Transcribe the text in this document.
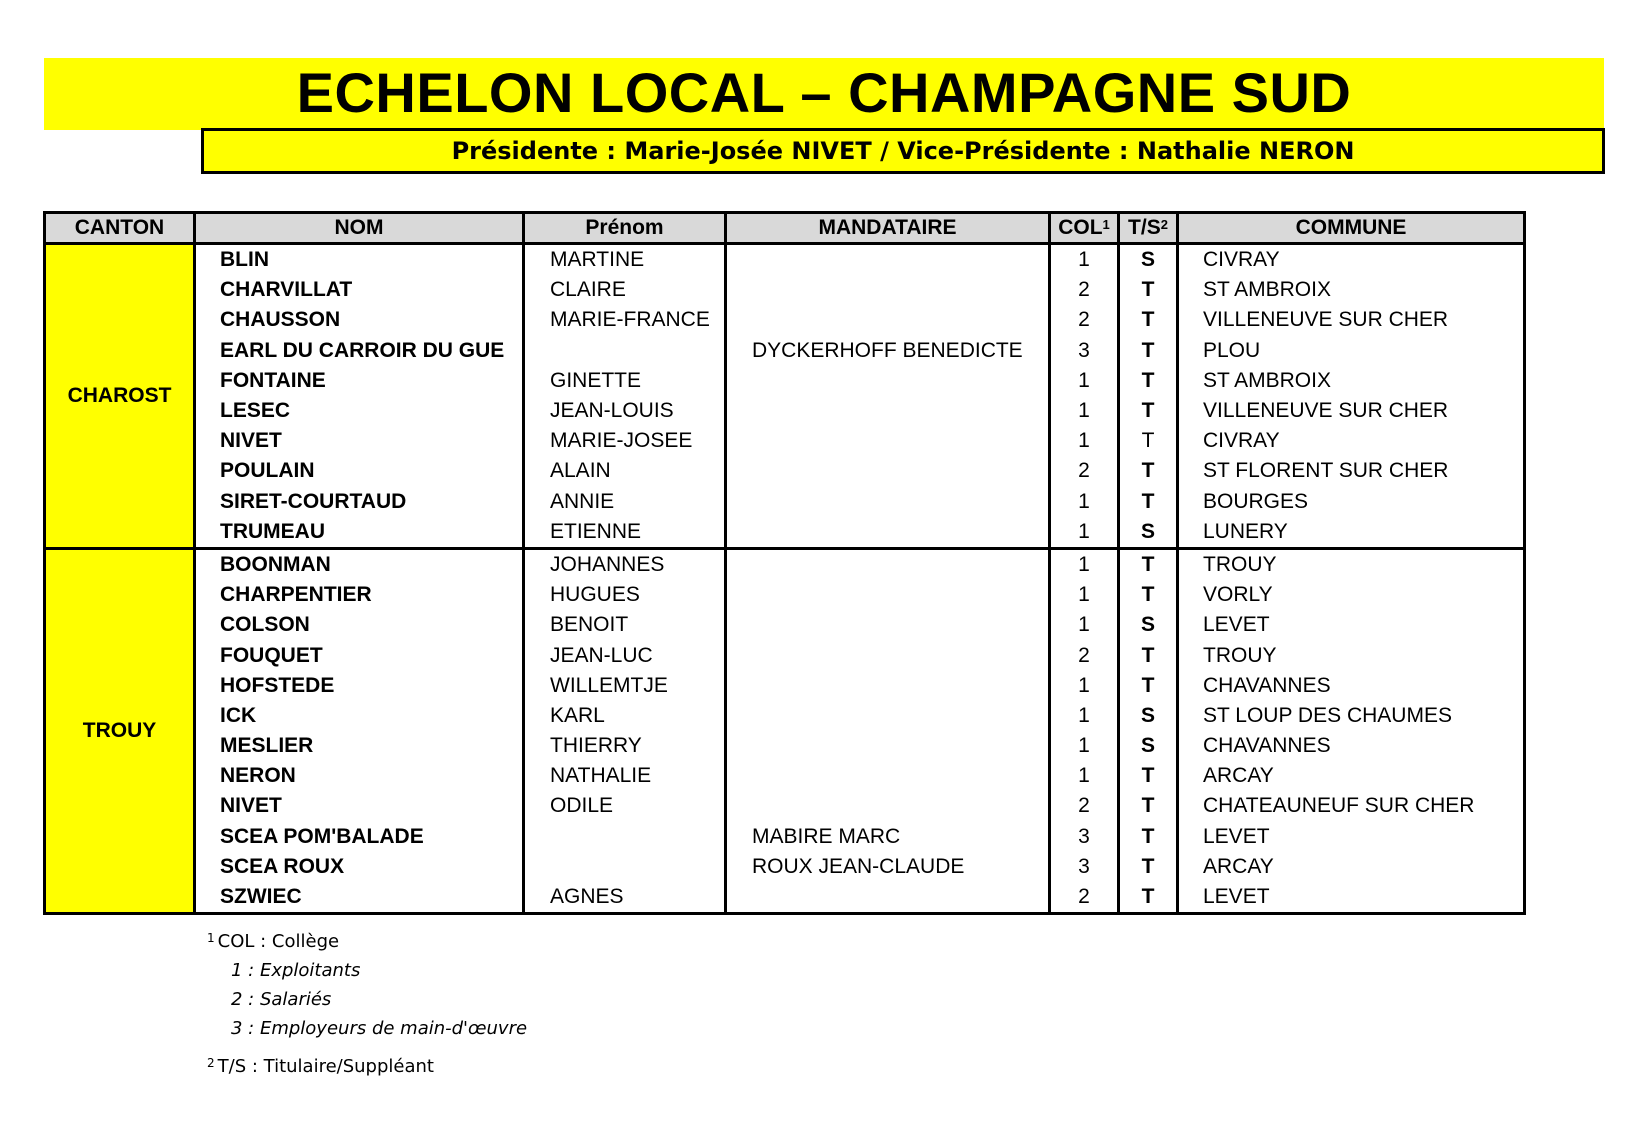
ECHELON LOCAL – CHAMPAGNE SUD
Présidente : Marie-Josée NIVET / Vice-Présidente : Nathalie NERON
CANTON	NOM	Prénom	MANDATAIRE	COL$^1$	$T/S^2$	COMMUNE
CHAROST	BLIN	MARTINE		1	S	CIVRAY
	CHARVILLAT	CLAIRE		2	T	ST AMBROIX
	CHAUSSON	MARIE-FRANCE		2	T	VILLENEUVE SUR CHER
	EARL DU CARROIR DU GUE		DYCKERHOFF BENEDICTE	3	T	PLOU
	FONTAINE	GINETTE		1	T	ST AMBROIX
	LESEC	JEAN-LOUIS		1	T	VILLENEUVE SUR CHER
	NIVET	MARIE-JOSEE		1	T	CIVRAY
	POULAIN	ALAIN		2	T	ST FLORENT SUR CHER
	SIRET-COURTAUD	ANNIE		1	T	BOURGES
	TRUMEAU	ETIENNE		1	S	LUNERY
TROUY	BOONMAN	JOHANNES		1	T	TROUY
	CHARPENTIER	HUGUES		1	T	VORLY
	COLSON	BENOIT		1	S	LEVET
	FOUQUET	JEAN-LUC		2	T	TROUY
	HOFSTEDE	WILLEMTJE		1	T	CHAVANNES
	ICK	KARL		1	S	ST LOUP DES CHAUMES
	MESLIER	THIERRY		1	S	CHAVANNES
	NERON	NATHALIE		1	T	ARCAY
	NIVET	ODILE		2	T	CHATEAUNEUF SUR CHER
	SCEA POM'BALADE		MABIRE MARC	3	T	LEVET
	SCEA ROUX		ROUX JEAN-CLAUDE	3	T	ARCAY
	SZWIEC	AGNES		2	T	LEVET
$^1$ COL : Collège
1 : Exploitants
2 : Salariés
3 : Employeurs de main-d'œuvre
$^2$ T/S : Titulaire/Suppléant
